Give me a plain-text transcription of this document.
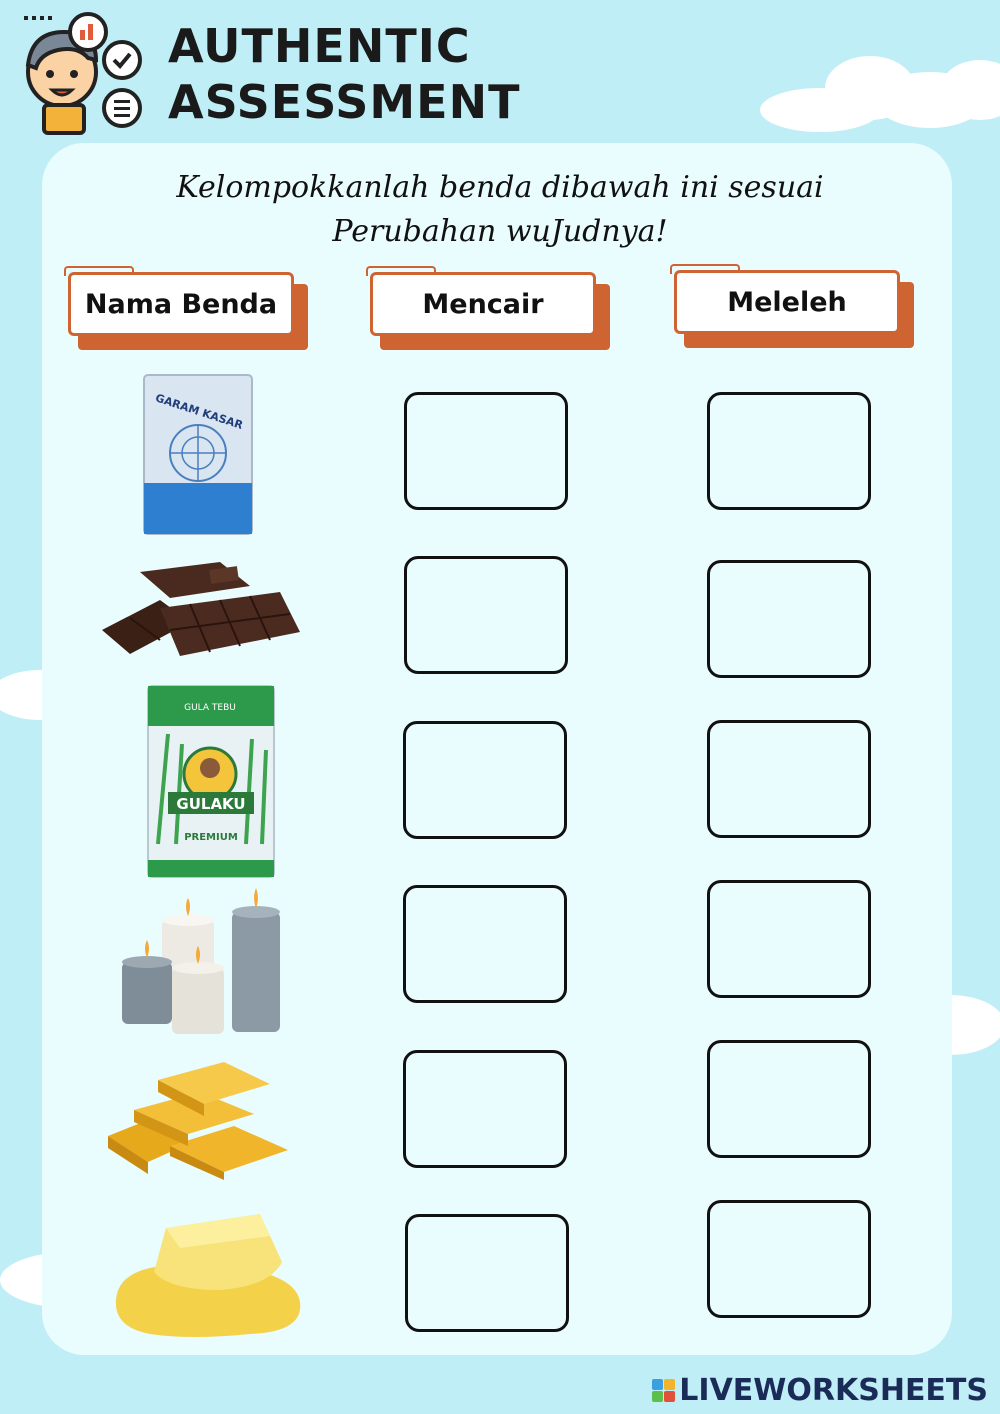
AUTHENTIC
ASSESSMENT
Kelompokkanlah benda dibawah ini sesuai Perubahan wuJudnya!
Nama Benda	Mencair	Meleleh
GARAM KASAR
GULA TEBU
GULAKU
PREMIUM
LIVEWORKSHEETS
